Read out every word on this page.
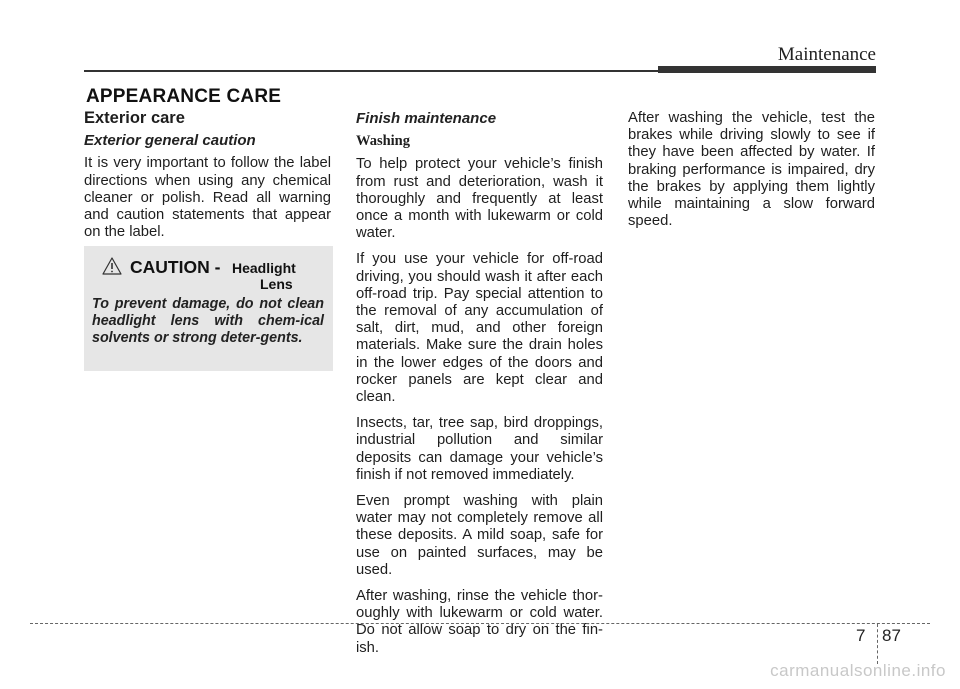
Maintenance
APPEARANCE CARE
Exterior care
Exterior general caution

It is very important to follow the label directions when using any chemical cleaner or polish. Read all warning and caution statements that appear on the label.

CAUTION - Headlight
Lens

To prevent damage, do not clean headlight lens with chem-ical solvents or strong deter-gents.

Finish maintenance
Washing

To help protect your vehicle’s finish from rust and deterioration, wash it thoroughly and frequently at least once a month with lukewarm or cold water.

If you use your vehicle for off-road driving, you should wash it after each off-road trip. Pay special attention to the removal of any accumulation of salt, dirt, mud, and other foreign materials. Make sure the drain holes in the lower edges of the doors and rocker panels are kept clear and clean.

Insects, tar, tree sap, bird droppings, industrial pollution and similar deposits can damage your vehicle’s finish if not removed immediately.

Even prompt washing with plain water may not completely remove all these deposits. A mild soap, safe for use on painted surfaces, may be used.

After washing, rinse the vehicle thor-oughly with lukewarm or cold water. Do not allow soap to dry on the fin-ish.

After washing the vehicle, test the brakes while driving slowly to see if they have been affected by water. If braking performance is impaired, dry the brakes by applying them lightly while maintaining a slow forward speed.

7 87
carmanualsonline.info
